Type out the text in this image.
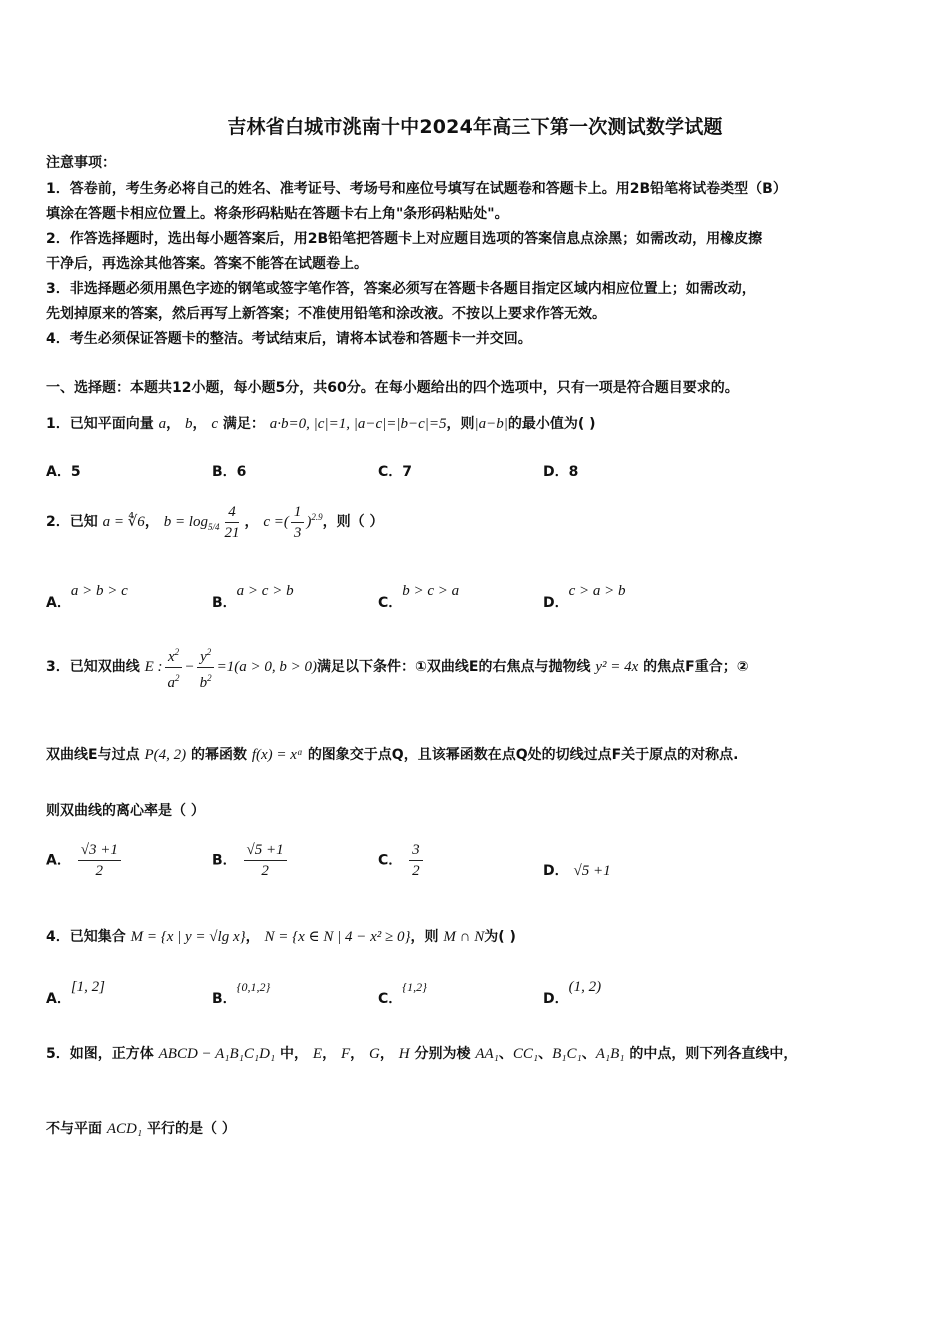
吉林省白城市洮南十中2024年高三下第一次测试数学试题
注意事项：
1．答卷前，考生务必将自己的姓名、准考证号、考场号和座位号填写在试题卷和答题卡上。用2B铅笔将试卷类型（B）
填涂在答题卡相应位置上。将条形码粘贴在答题卡右上角"条形码粘贴处"。
2．作答选择题时，选出每小题答案后，用2B铅笔把答题卡上对应题目选项的答案信息点涂黑；如需改动，用橡皮擦
干净后，再选涂其他答案。答案不能答在试题卷上。
3．非选择题必须用黑色字迹的钢笔或签字笔作答，答案必须写在答题卡各题目指定区域内相应位置上；如需改动，
先划掉原来的答案，然后再写上新答案；不准使用铅笔和涂改液。不按以上要求作答无效。
4．考生必须保证答题卡的整洁。考试结束后，请将本试卷和答题卡一并交回。
一、选择题：本题共12小题，每小题5分，共60分。在每小题给出的四个选项中，只有一项是符合题目要求的。
1．已知平面向量 a， b， c 满足： a·b=0, |c|=1, |a−c|=|b−c|=5，则|a−b|的最小值为( )
A．5	B．6	C．7	D．8
2．已知 a = ∜6， $b = \log_{5/4} \frac{4}{21}$ ， c =( $\frac{1}{3} )^{2.9}$，则（ ）
A．a > b > c
B．a > c > b
C．b > c > a
D．c > a > b
3．已知双曲线 E : $\frac{x^2}{a^2} - \frac{y^2}{b^2} =1(a > 0$, b > 0)满足以下条件：①双曲线E的右焦点与抛物线 y² = 4x 的焦点F重合；②
双曲线E与过点 P(4, 2) 的幂函数 f(x) = xᵅ 的图象交于点Q，且该幂函数在点Q处的切线过点F关于原点的对称点.
则双曲线的离心率是（ ）
A． $\frac{√3 +1}{2}$	B． $\frac{√5 +1}{2}$	C． $\frac{3}{2}$	D． √5 +1
4．已知集合 M = {x | y = √lg x}， N = {x ∈ N | 4 − x² ≥ 0}，则 M ∩ N为( )
A．[1, 2]
B．{0,1,2}
C．{1,2}
D．(1, 2)
5．如图，正方体 ABCD − A₁B₁C₁D₁ 中， E， F， G， H 分别为棱 AA₁、CC₁、B₁C₁、A₁B₁ 的中点，则下列各直线中，
不与平面 ACD₁ 平行的是（ ）
